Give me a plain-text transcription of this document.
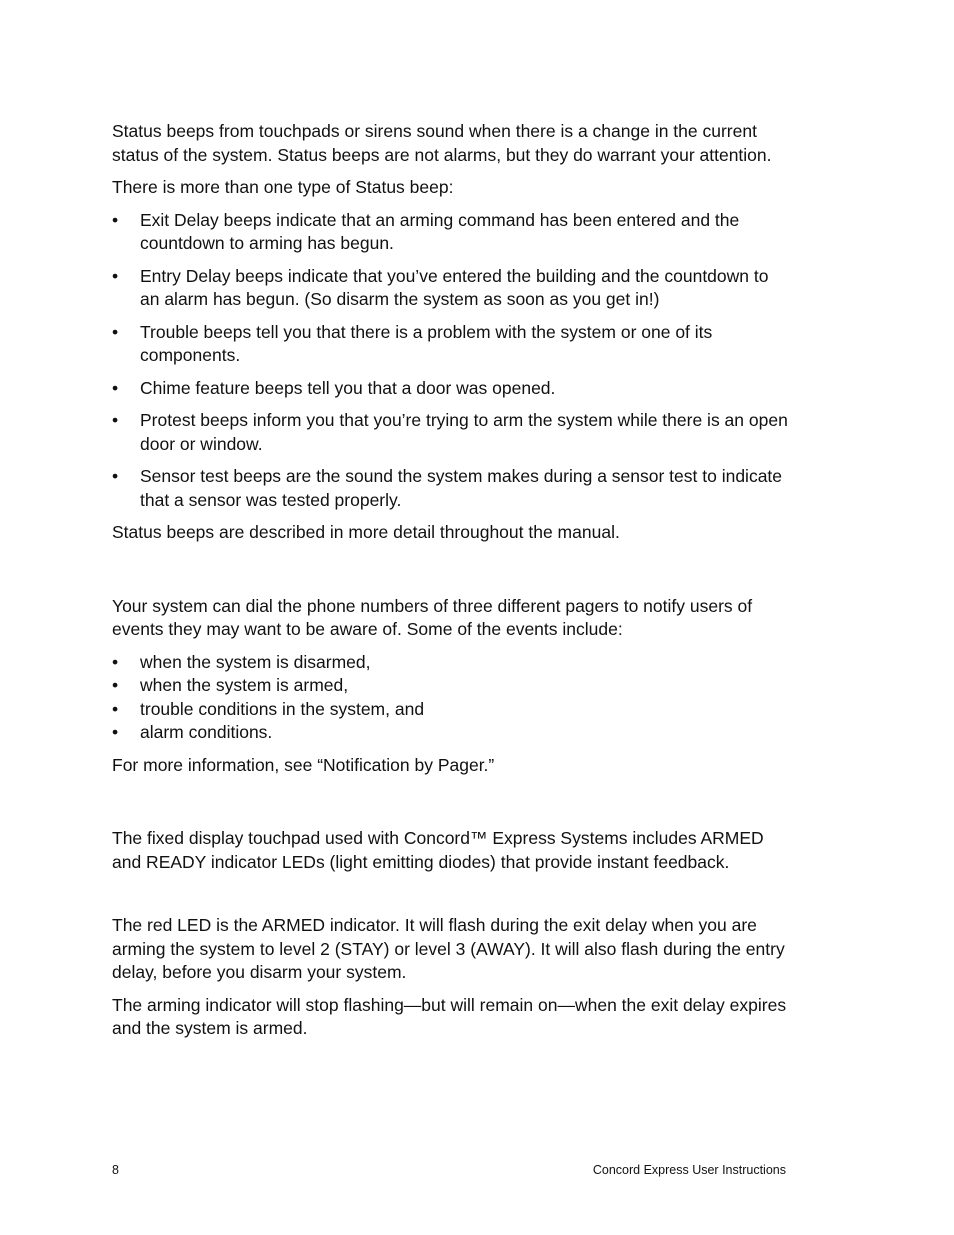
Status beeps from touchpads or sirens sound when there is a change in the current status of the system. Status beeps are not alarms, but they do warrant your attention.

There is more than one type of Status beep:

• Exit Delay beeps indicate that an arming command has been entered and the countdown to arming has begun.
• Entry Delay beeps indicate that you’ve entered the building and the countdown to an alarm has begun. (So disarm the system as soon as you get in!)
• Trouble beeps tell you that there is a problem with the system or one of its components.
• Chime feature beeps tell you that a door was opened.
• Protest beeps inform you that you’re trying to arm the system while there is an open door or window.
• Sensor test beeps are the sound the system makes during a sensor test to indicate that a sensor was tested properly.

Status beeps are described in more detail throughout the manual.

Your system can dial the phone numbers of three different pagers to notify users of events they may want to be aware of. Some of the events include:

• when the system is disarmed,
• when the system is armed,
• trouble conditions in the system, and
• alarm conditions.

For more information, see “Notification by Pager.”

The fixed display touchpad used with Concord™ Express Systems includes ARMED and READY indicator LEDs (light emitting diodes) that provide instant feedback.

The red LED is the ARMED indicator. It will flash during the exit delay when you are arming the system to level 2 (STAY) or level 3 (AWAY). It will also flash during the entry delay, before you disarm your system.

The arming indicator will stop flashing—but will remain on—when the exit delay expires and the system is armed.

8	Concord Express User Instructions
